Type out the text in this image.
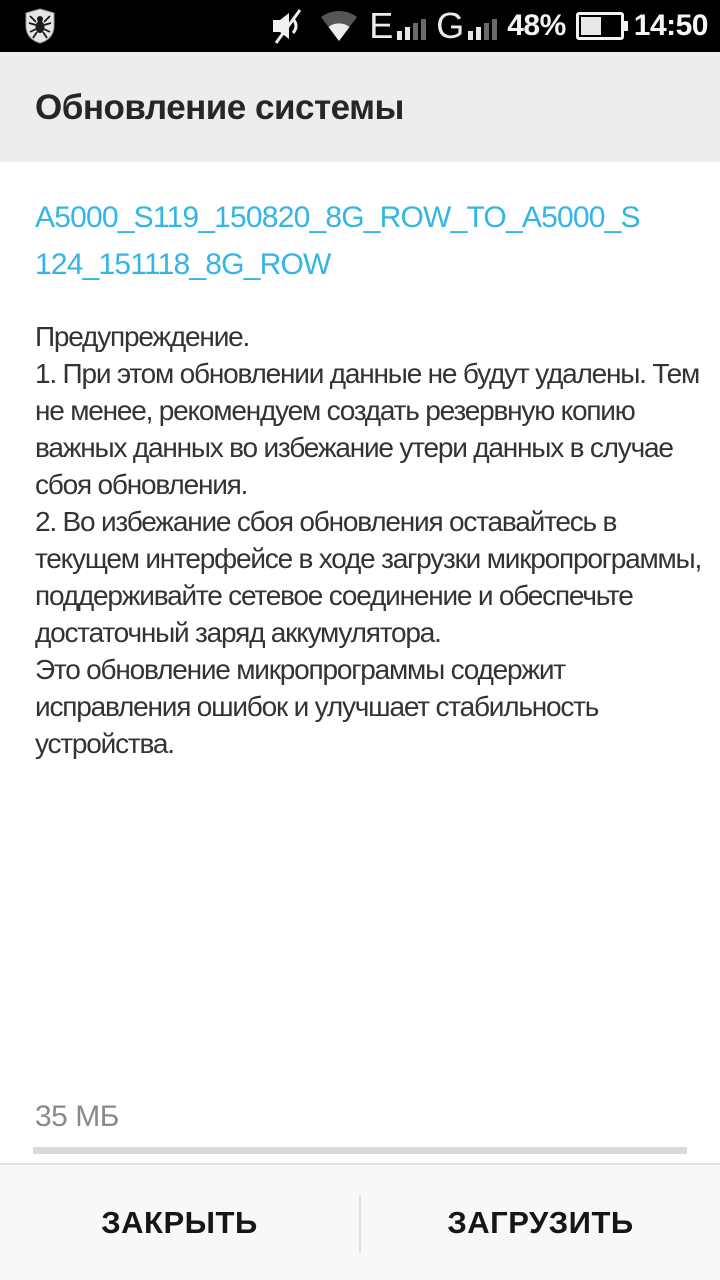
E G 48% 14:50
Обновление системы
A5000_S119_150820_8G_ROW_TO_A5000_S
124_151118_8G_ROW
Предупреждение.
1. При этом обновлении данные не будут удалены. Тем
не менее, рекомендуем создать резервную копию
важных данных во избежание утери данных в случае
сбоя обновления.
2. Во избежание сбоя обновления оставайтесь в
текущем интерфейсе в ходе загрузки микропрограммы,
поддерживайте сетевое соединение и обеспечьте
достаточный заряд аккумулятора.
Это обновление микропрограммы содержит
исправления ошибок и улучшает стабильность
устройства.
35 МБ
ЗАКРЫТЬ	ЗАГРУЗИТЬ
